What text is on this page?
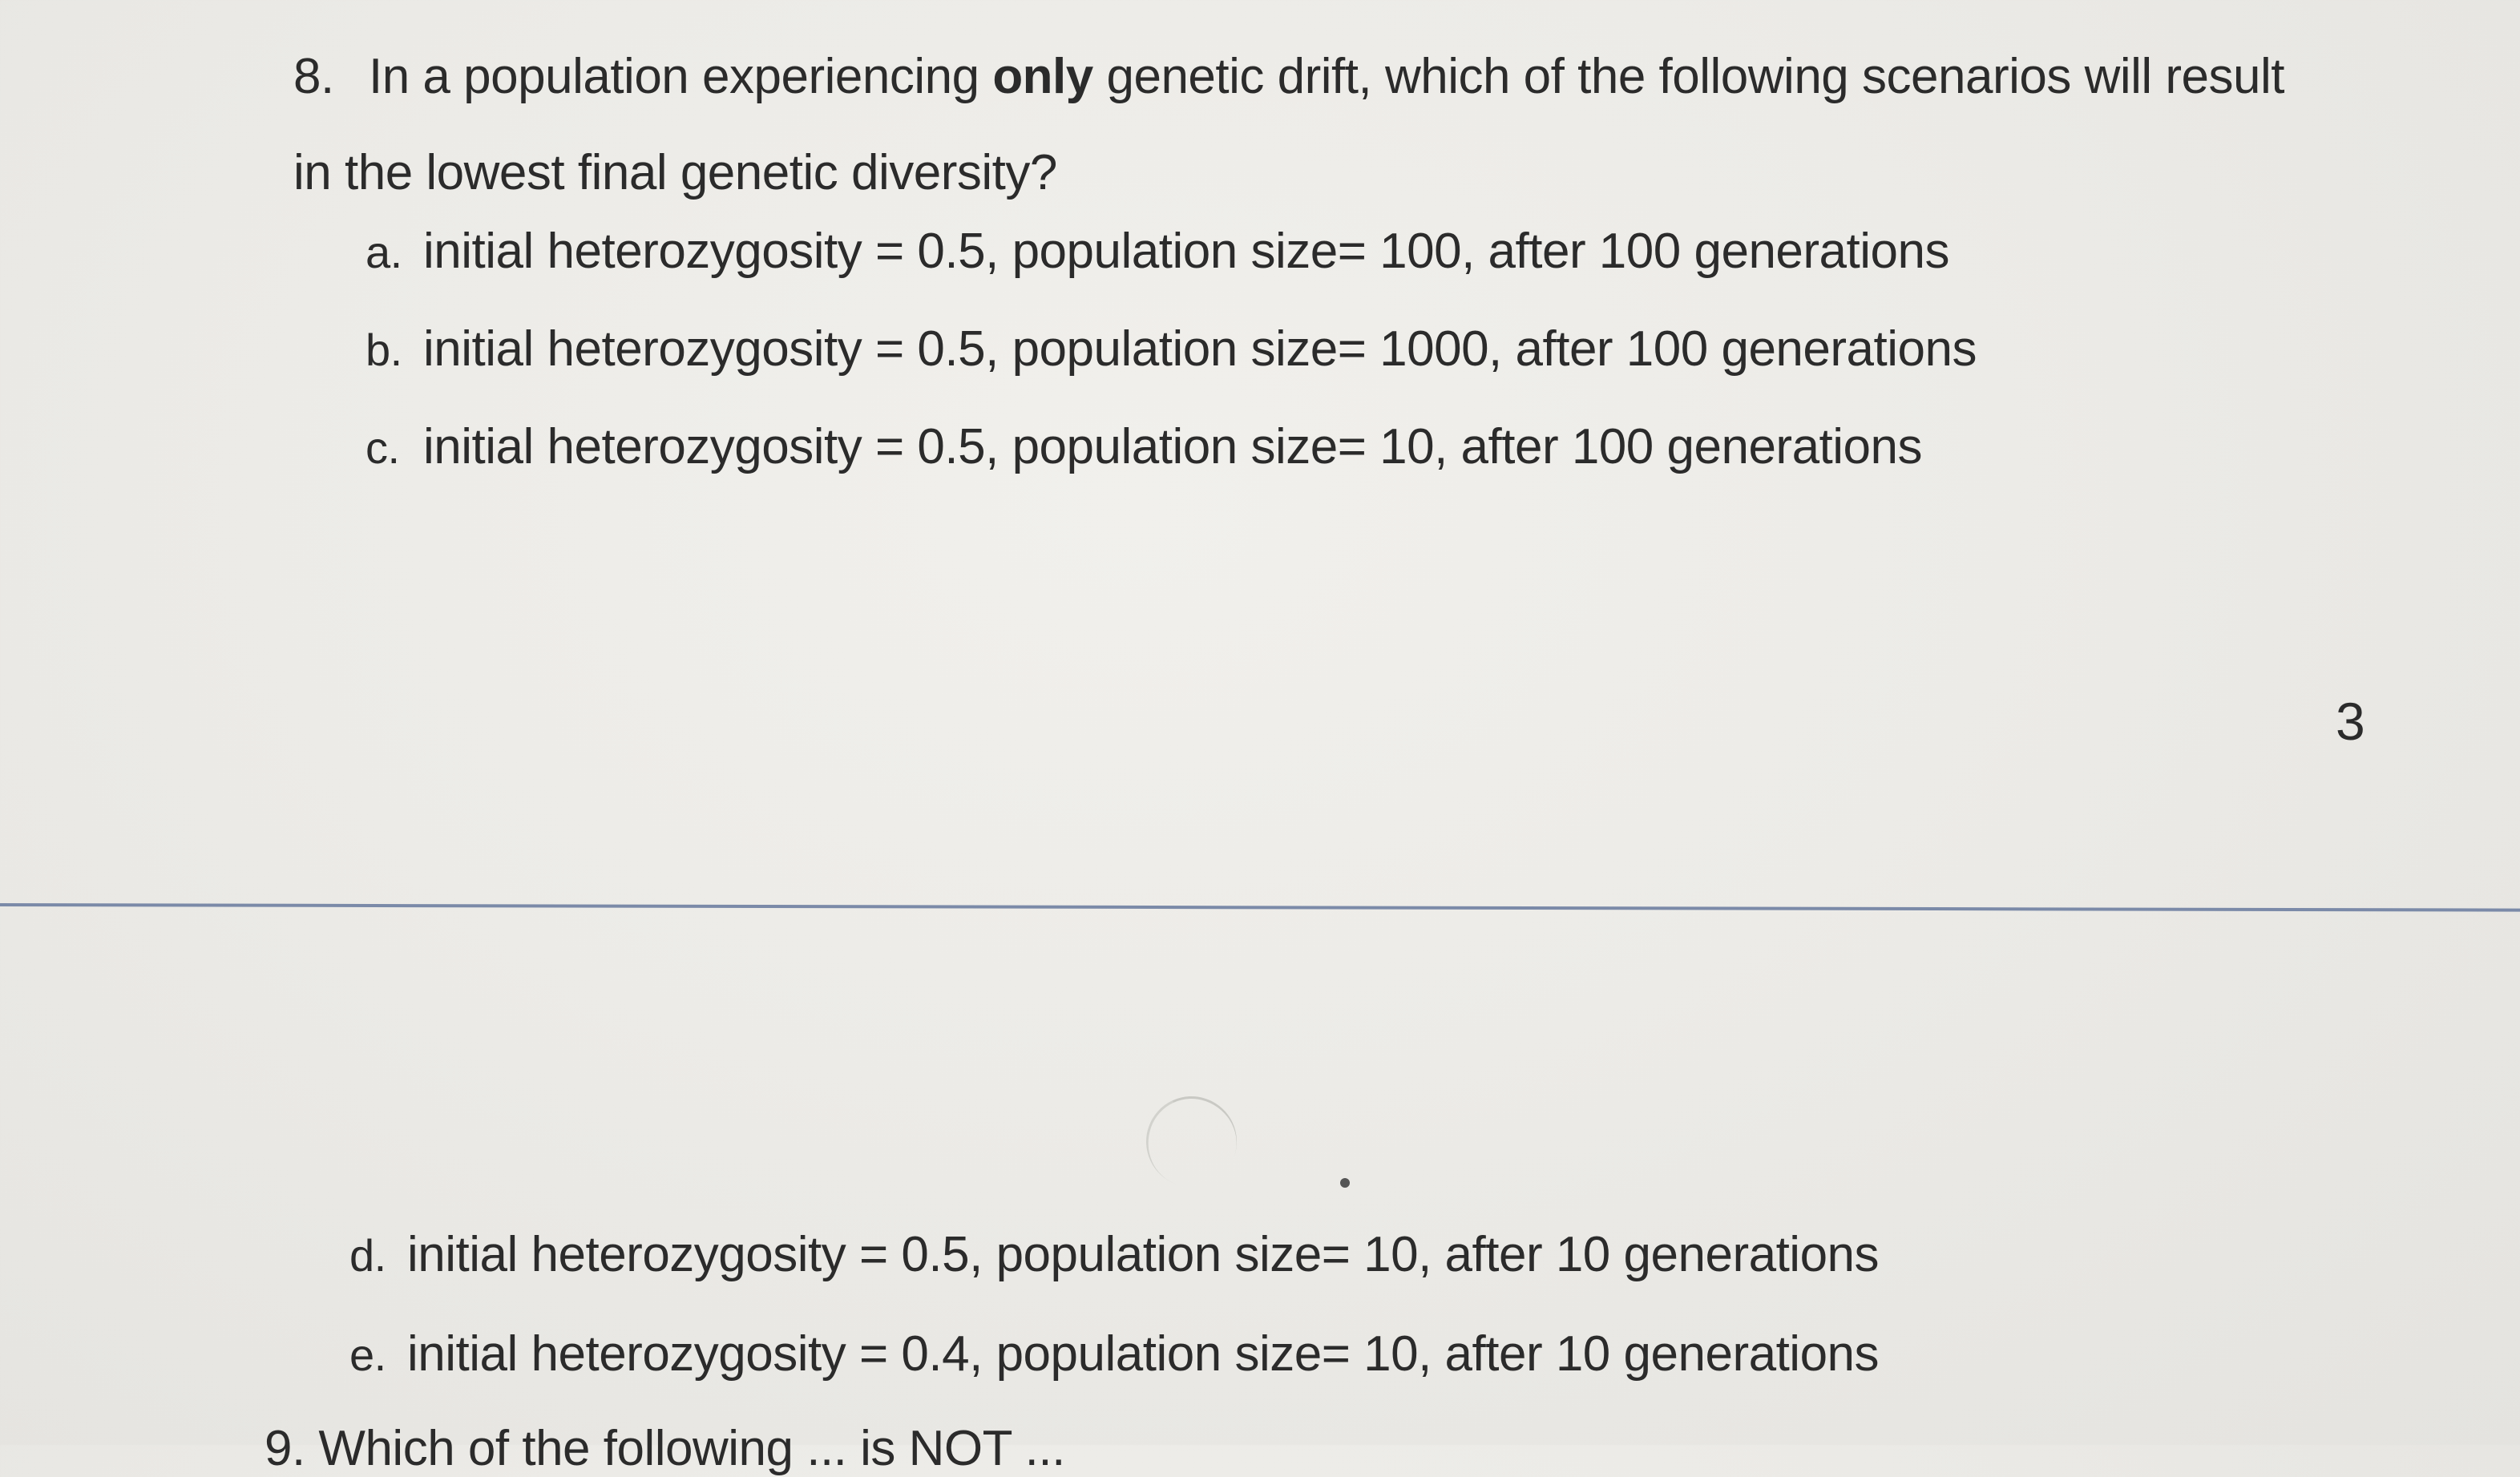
8. In a population experiencing only genetic drift, which of the following scenarios will result
in the lowest final genetic diversity?
a. initial heterozygosity = 0.5, population size= 100, after 100 generations
b. initial heterozygosity = 0.5, population size= 1000, after 100 generations
c. initial heterozygosity = 0.5, population size= 10, after 100 generations
3
d. initial heterozygosity = 0.5, population size= 10, after 10 generations
e. initial heterozygosity = 0.4, population size= 10, after 10 generations
9. Which of the following ... is NOT ...
